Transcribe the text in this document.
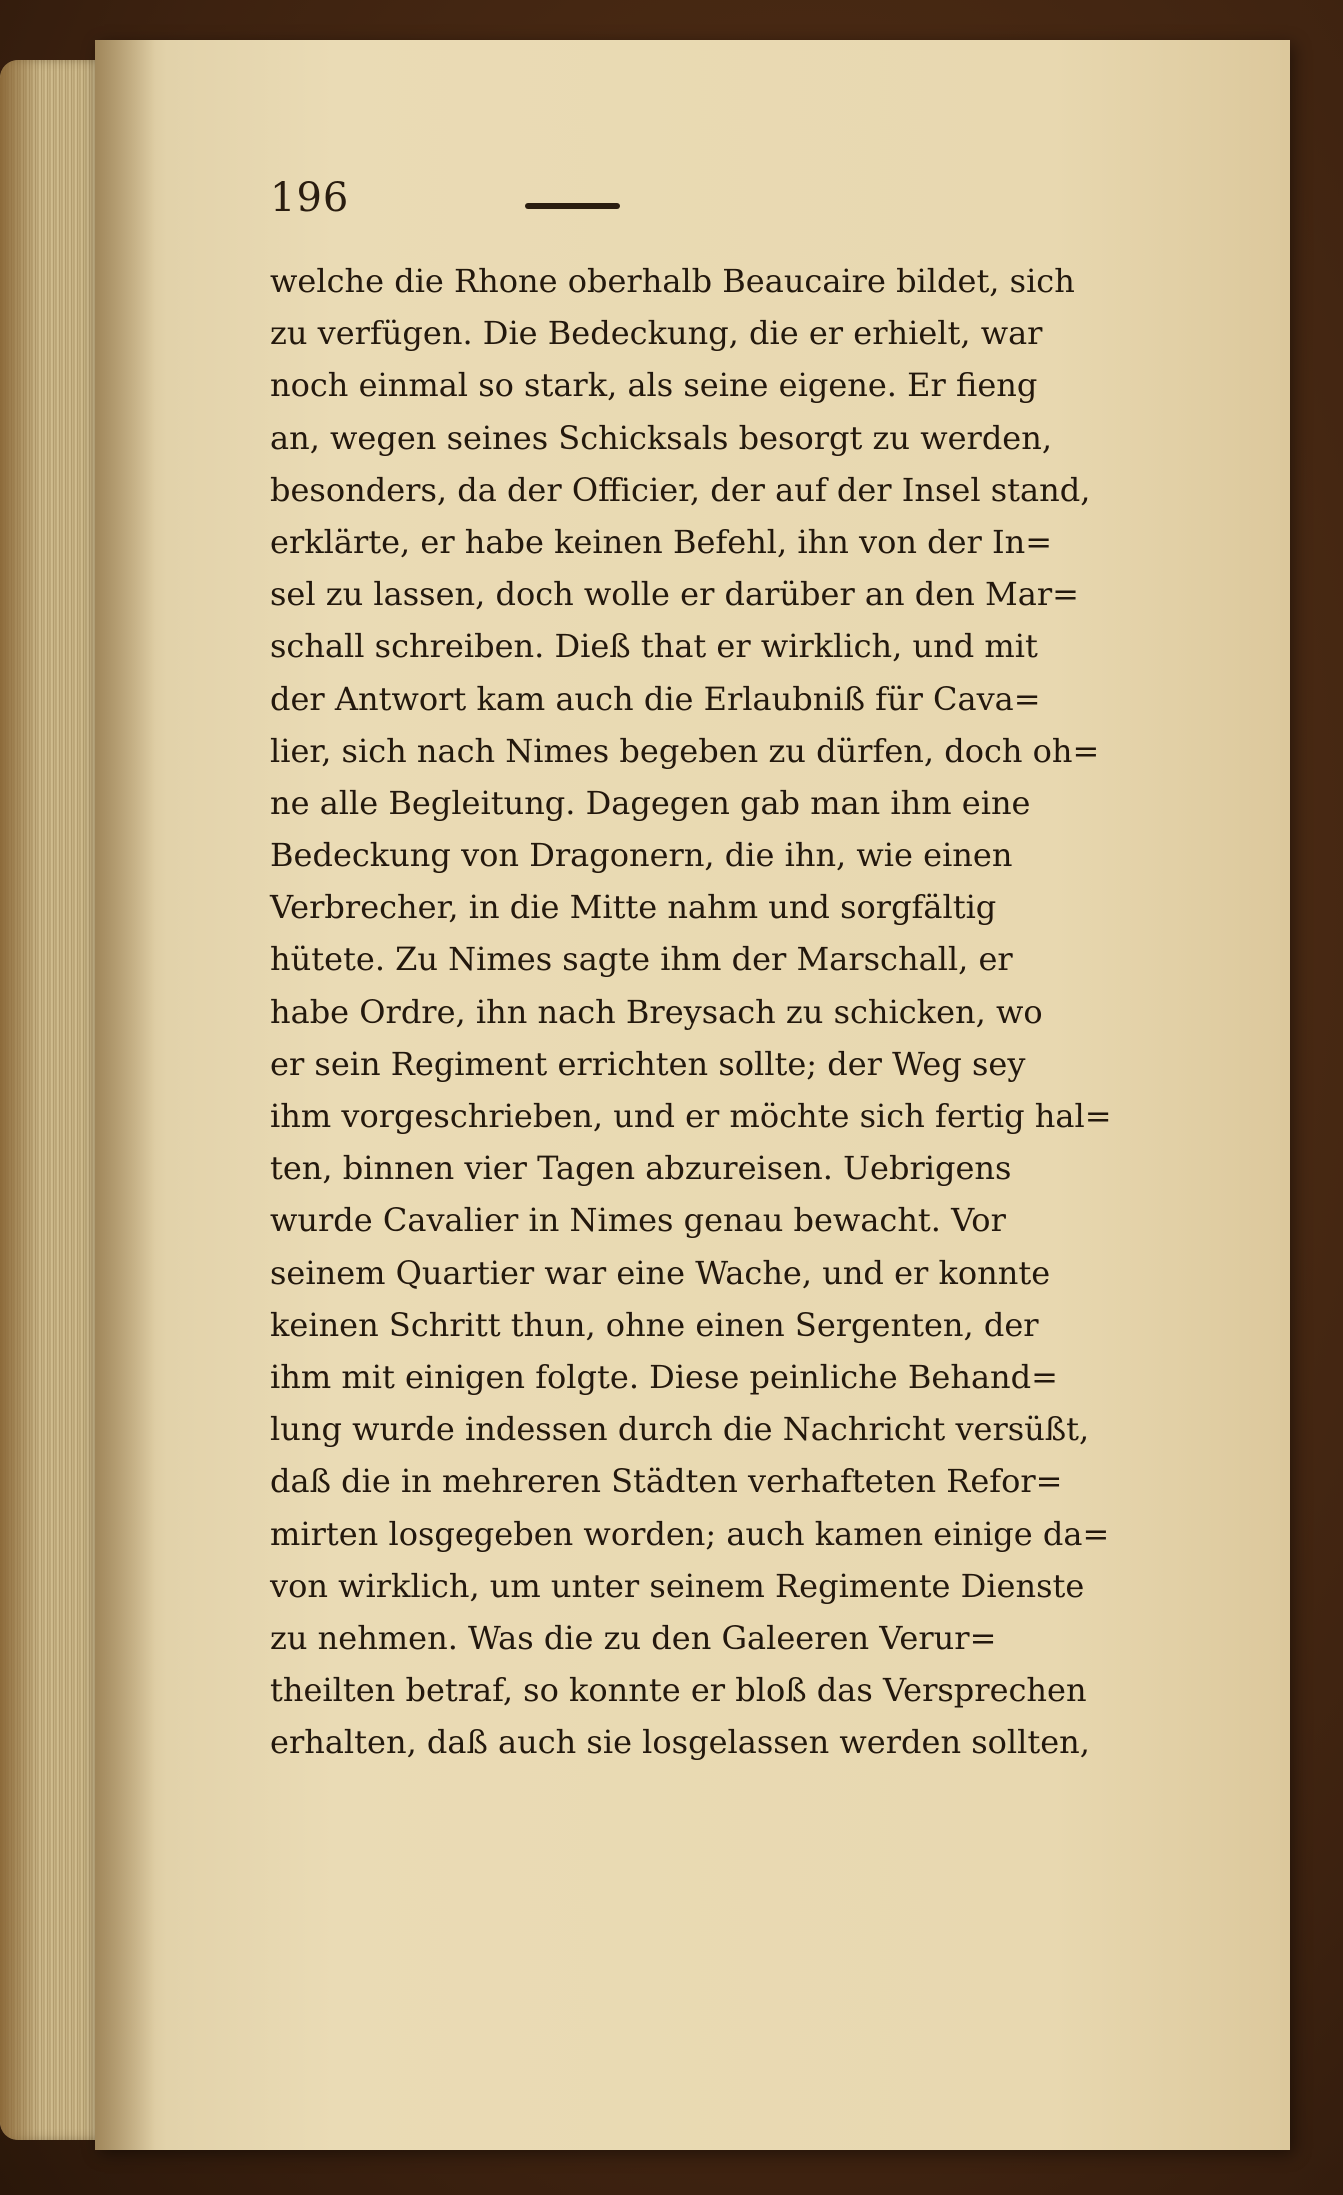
196
welche die Rhone oberhalb Beaucaire bildet, sich
zu verfügen. Die Bedeckung, die er erhielt, war
noch einmal so stark, als seine eigene. Er fieng
an, wegen seines Schicksals besorgt zu werden,
besonders, da der Officier, der auf der Insel stand,
erklärte, er habe keinen Befehl, ihn von der In=
sel zu lassen, doch wolle er darüber an den Mar=
schall schreiben. Dieß that er wirklich, und mit
der Antwort kam auch die Erlaubniß für Cava=
lier, sich nach Nimes begeben zu dürfen, doch oh=
ne alle Begleitung. Dagegen gab man ihm eine
Bedeckung von Dragonern, die ihn, wie einen
Verbrecher, in die Mitte nahm und sorgfältig
hütete. Zu Nimes sagte ihm der Marschall, er
habe Ordre, ihn nach Breysach zu schicken, wo
er sein Regiment errichten sollte; der Weg sey
ihm vorgeschrieben, und er möchte sich fertig hal=
ten, binnen vier Tagen abzureisen. Uebrigens
wurde Cavalier in Nimes genau bewacht. Vor
seinem Quartier war eine Wache, und er konnte
keinen Schritt thun, ohne einen Sergenten, der
ihm mit einigen folgte. Diese peinliche Behand=
lung wurde indessen durch die Nachricht versüßt,
daß die in mehreren Städten verhafteten Refor=
mirten losgegeben worden; auch kamen einige da=
von wirklich, um unter seinem Regimente Dienste
zu nehmen. Was die zu den Galeeren Verur=
theilten betraf, so konnte er bloß das Versprechen
erhalten, daß auch sie losgelassen werden sollten,
